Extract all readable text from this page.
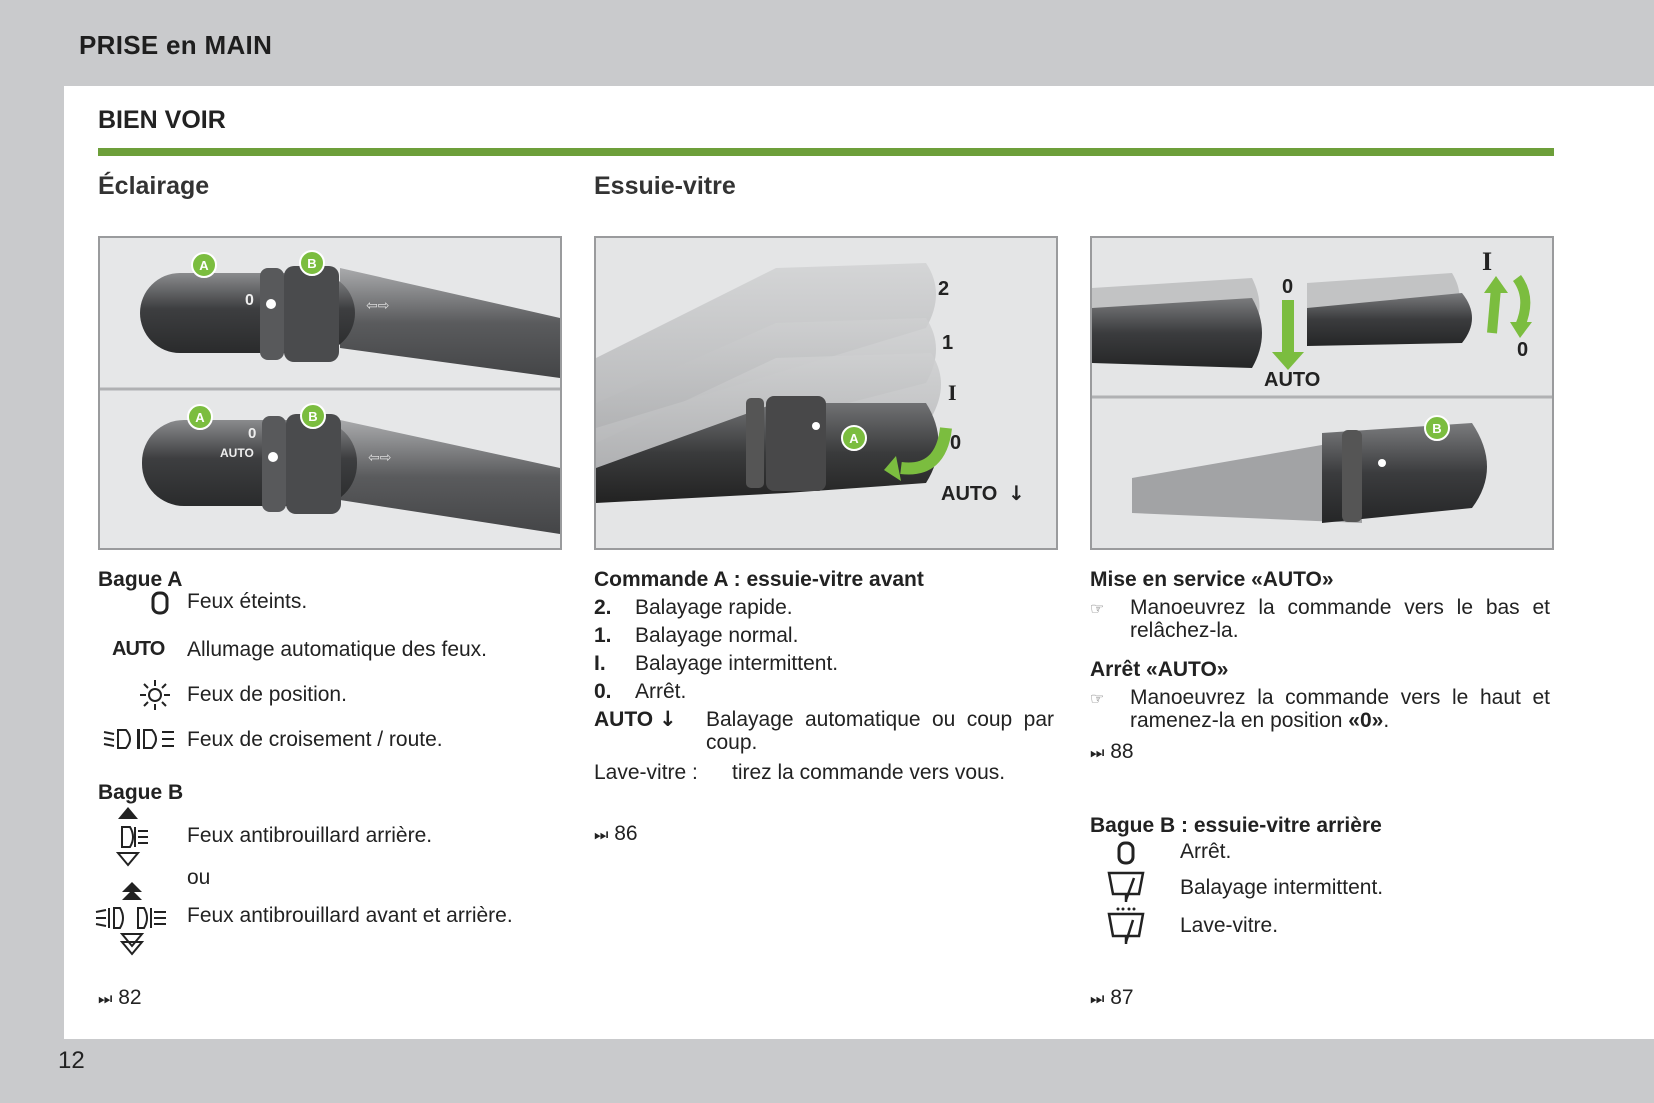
PRISE en MAIN
12
BIEN VOIR
Éclairage	Essuie-vitre
0	⇦⇨
A	B
0
AUTO	⇦⇨
A	B
A
2
1
I
0
AUTO ↓
0
AUTO
I
0
B
Bague A
Feux éteints.
AUTO Allumage automatique des feux.
Feux de position.
Feux de croisement / route.
Bague B
Feux antibrouillard arrière.
ou
Feux antibrouillard avant et arrière.
⏭ 82
Commande A : essuie-vitre avant
2. Balayage rapide.
1. Balayage normal.
I. Balayage intermittent.
0. Arrêt.
AUTO ↓ Balayage automatique ou coup par coup.
Lave-vitre : tirez la commande vers vous.
⏭ 86
Mise en service «AUTO»
☞ Manoeuvrez la commande vers le bas et relâchez-la.
Arrêt «AUTO»
☞ Manoeuvrez la commande vers le haut et ramenez-la en position «0».
⏭ 88
Bague B : essuie-vitre arrière
Arrêt.
Balayage intermittent.
Lave-vitre.
⏭ 87
